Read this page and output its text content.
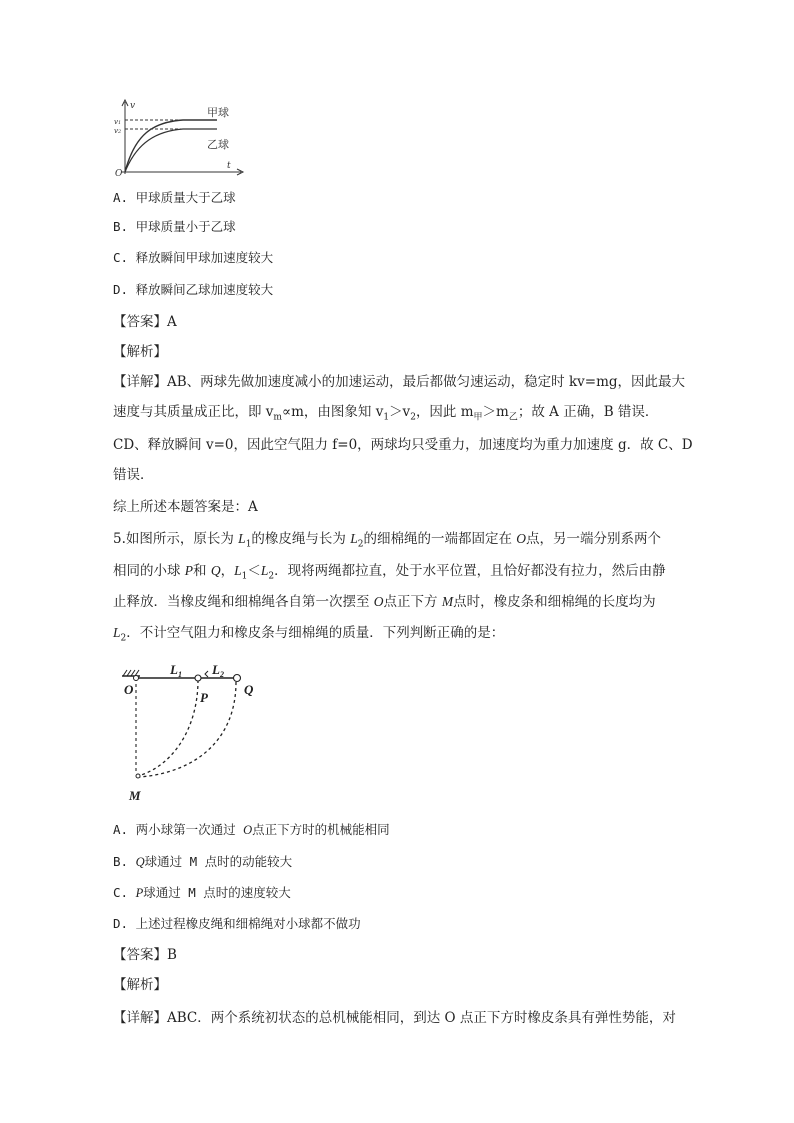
v
v1
v2
甲球
乙球
t
O
A. 甲球质量大于乙球
B. 甲球质量小于乙球
C. 释放瞬间甲球加速度较大
D. 释放瞬间乙球加速度较大
【答案】A
【解析】
【详解】AB、两球先做加速度减小的加速运动，最后都做匀速运动，稳定时 kv=mg，因此最大
速度与其质量成正比，即 $v_m\propto m$，由图象知 $v_1>v_2$，因此 $m_甲>m_乙$；故 A 正确，B 错误．
CD、释放瞬间 v=0，因此空气阻力 f=0，两球均只受重力，加速度均为重力加速度 g．故 C、D
错误．
综上所述本题答案是：A
5.如图所示，原长为 $L_1$的橡皮绳与长为 $L_2$的细棉绳的一端都固定在 O点，另一端分别系两个
相同的小球 P和 Q，$L_1<L_2$．现将两绳都拉直，处于水平位置，且恰好都没有拉力，然后由静
止释放．当橡皮绳和细棉绳各自第一次摆至 O点正下方 M点时，橡皮条和细棉绳的长度均为
$L_2$．不计空气阻力和橡皮条与细棉绳的质量．下列判断正确的是：
$L_1$ $L_2$
O
P
Q
M
A. 两小球第一次通过 O点正下方时的机械能相同
B. Q球通过 M 点时的动能较大
C. P球通过 M 点时的速度较大
D. 上述过程橡皮绳和细棉绳对小球都不做功
【答案】B
【解析】
【详解】ABC．两个系统初状态的总机械能相同，到达 O 点正下方时橡皮条具有弹性势能，对
